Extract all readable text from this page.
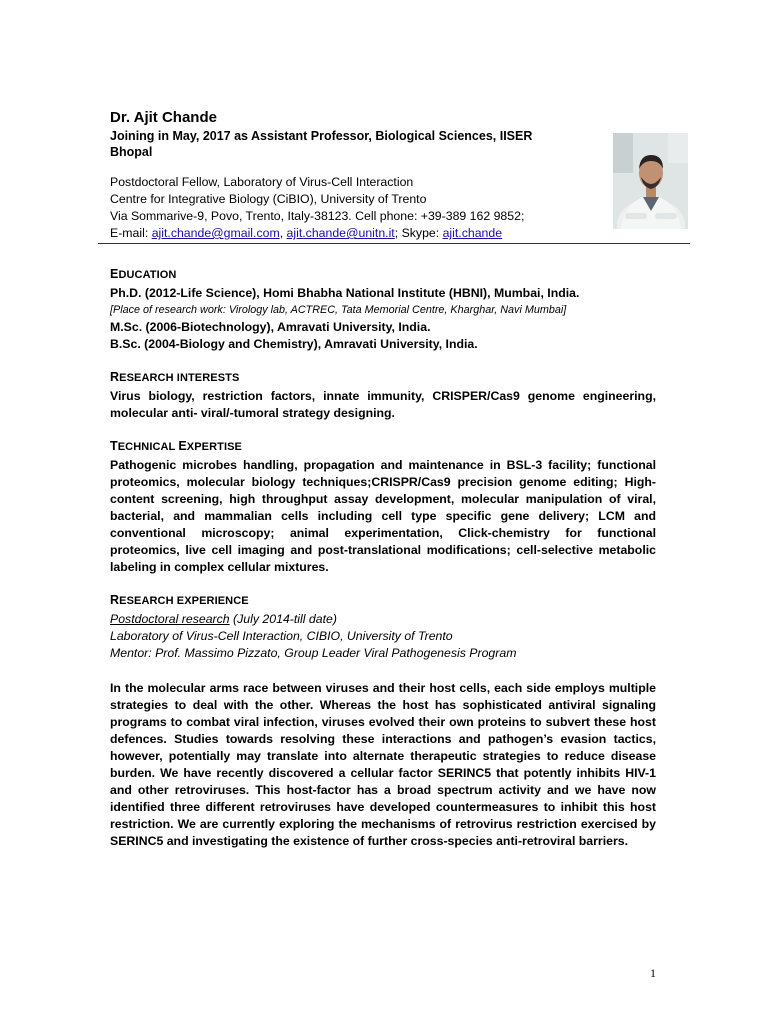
Dr. Ajit Chande

Joining in May, 2017 as Assistant Professor, Biological Sciences, IISER Bhopal

Postdoctoral Fellow, Laboratory of Virus-Cell Interaction
Centre for Integrative Biology (CiBIO), University of Trento
Via Sommarive-9, Povo, Trento, Italy-38123. Cell phone: +39-389 162 9852;
E-mail: ajit.chande@gmail.com, ajit.chande@unitn.it; Skype: ajit.chande
EDUCATION
Ph.D. (2012-Life Science), Homi Bhabha National Institute (HBNI), Mumbai, India.
[Place of research work: Virology lab, ACTREC, Tata Memorial Centre, Kharghar, Navi Mumbai]
M.Sc. (2006-Biotechnology), Amravati University, India.
B.Sc. (2004-Biology and Chemistry), Amravati University, India.
RESEARCH INTERESTS
Virus biology, restriction factors, innate immunity, CRISPER/Cas9 genome engineering, molecular anti- viral/-tumoral strategy designing.
TECHNICAL EXPERTISE
Pathogenic microbes handling, propagation and maintenance in BSL-3 facility; functional proteomics, molecular biology techniques;CRISPR/Cas9 precision genome editing; High-content screening, high throughput assay development, molecular manipulation of viral, bacterial, and mammalian cells including cell type specific gene delivery; LCM and conventional microscopy; animal experimentation, Click-chemistry for functional proteomics, live cell imaging and post-translational modifications; cell-selective metabolic labeling in complex cellular mixtures.
RESEARCH EXPERIENCE
Postdoctoral research (July 2014-till date)
Laboratory of Virus-Cell Interaction, CIBIO, University of Trento
Mentor: Prof. Massimo Pizzato, Group Leader Viral Pathogenesis Program
In the molecular arms race between viruses and their host cells, each side employs multiple strategies to deal with the other. Whereas the host has sophisticated antiviral signaling programs to combat viral infection, viruses evolved their own proteins to subvert these host defences. Studies towards resolving these interactions and pathogen’s evasion tactics, however, potentially may translate into alternate therapeutic strategies to reduce disease burden. We have recently discovered a cellular factor SERINC5 that potently inhibits HIV-1 and other retroviruses. This host-factor has a broad spectrum activity and we have now identified three different retroviruses have developed countermeasures to inhibit this host restriction. We are currently exploring the mechanisms of retrovirus restriction exercised by SERINC5 and investigating the existence of further cross-species anti-retroviral barriers.
1
